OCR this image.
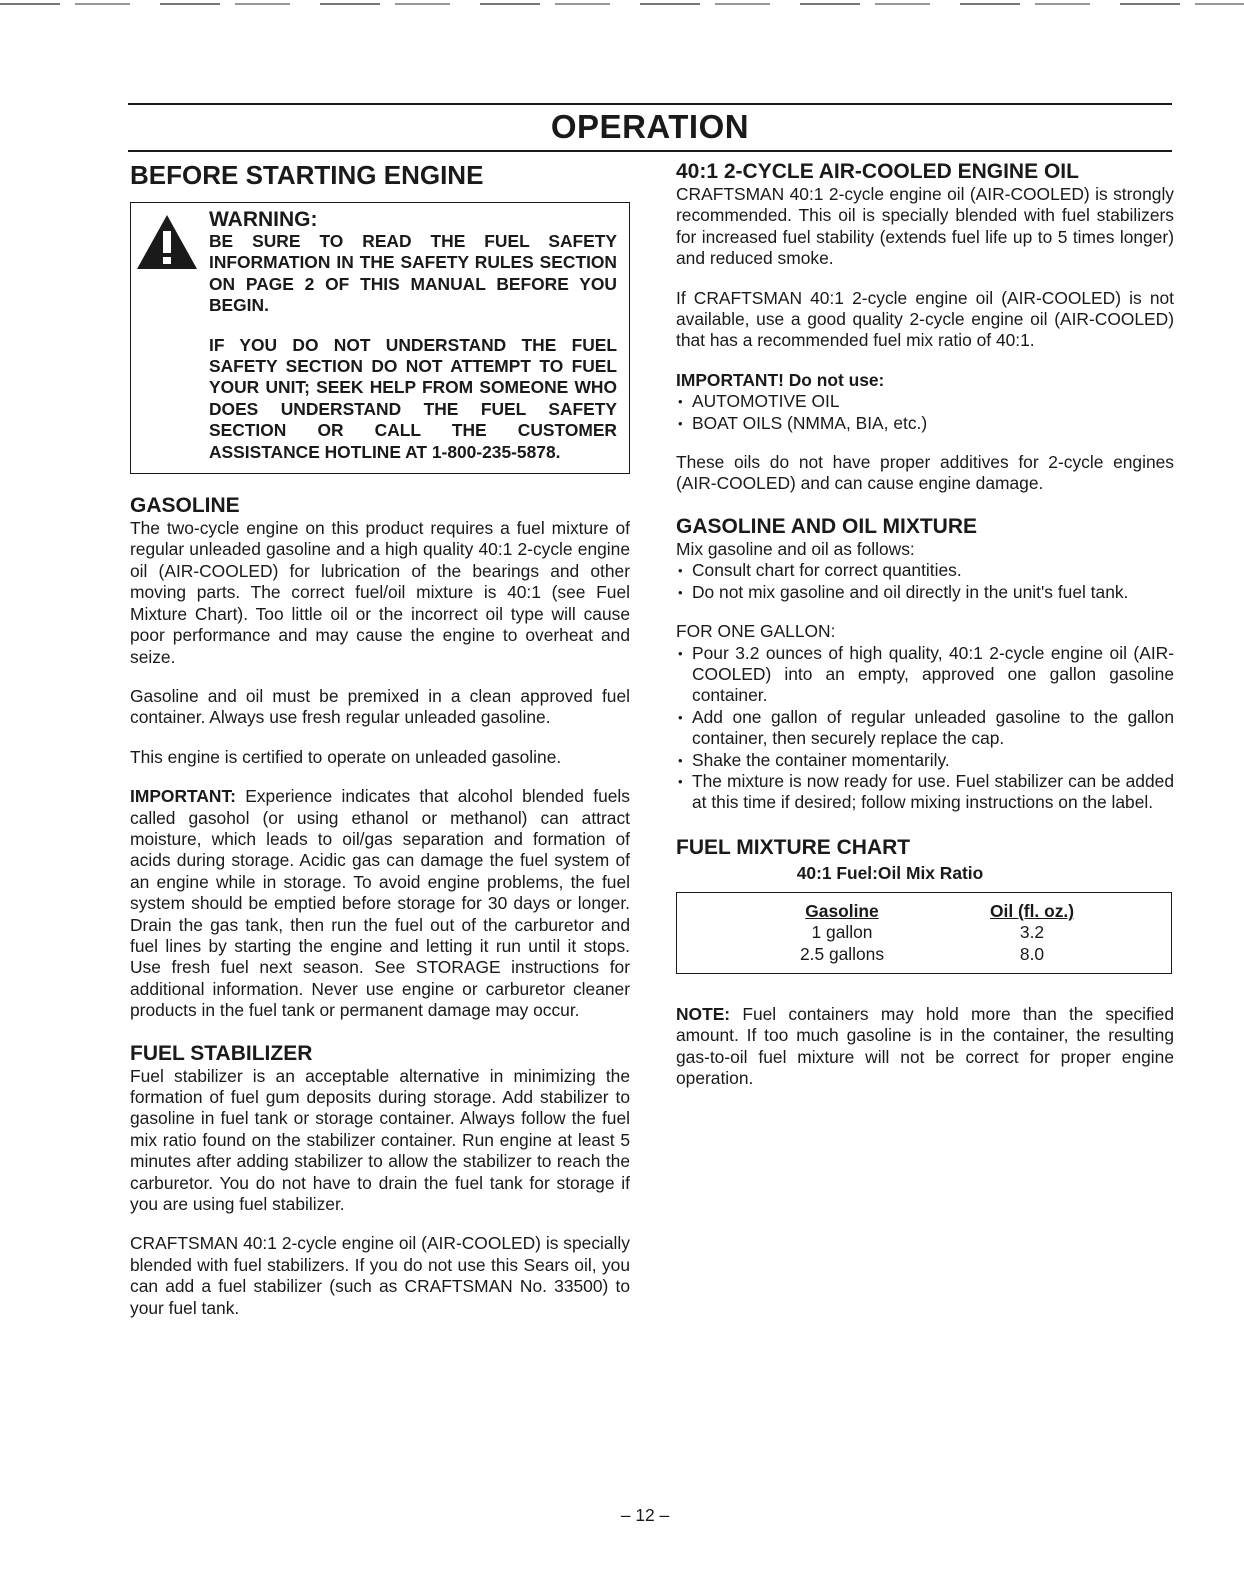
OPERATION
BEFORE STARTING ENGINE
WARNING:

BE SURE TO READ THE FUEL SAFETY INFORMATION IN THE SAFETY RULES SECTION ON PAGE 2 OF THIS MANUAL BEFORE YOU BEGIN.

IF YOU DO NOT UNDERSTAND THE FUEL SAFETY SECTION DO NOT ATTEMPT TO FUEL YOUR UNIT; SEEK HELP FROM SOMEONE WHO DOES UNDERSTAND THE FUEL SAFETY SECTION OR CALL THE CUSTOMER ASSISTANCE HOTLINE AT 1-800-235-5878.

GASOLINE

The two-cycle engine on this product requires a fuel mixture of regular unleaded gasoline and a high quality 40:1 2-cycle engine oil (AIR-COOLED) for lubrication of the bearings and other moving parts. The correct fuel/oil mixture is 40:1 (see Fuel Mixture Chart). Too little oil or the incorrect oil type will cause poor performance and may cause the engine to overheat and seize.

Gasoline and oil must be premixed in a clean approved fuel container. Always use fresh regular unleaded gasoline.

This engine is certified to operate on unleaded gasoline.

IMPORTANT: Experience indicates that alcohol blended fuels called gasohol (or using ethanol or methanol) can attract moisture, which leads to oil/gas separation and formation of acids during storage. Acidic gas can damage the fuel system of an engine while in storage. To avoid engine problems, the fuel system should be emptied before storage for 30 days or longer. Drain the gas tank, then run the fuel out of the carburetor and fuel lines by starting the engine and letting it run until it stops. Use fresh fuel next season. See STORAGE instructions for additional information. Never use engine or carburetor cleaner products in the fuel tank or permanent damage may occur.

FUEL STABILIZER

Fuel stabilizer is an acceptable alternative in minimizing the formation of fuel gum deposits during storage. Add stabilizer to gasoline in fuel tank or storage container. Always follow the fuel mix ratio found on the stabilizer container. Run engine at least 5 minutes after adding stabilizer to allow the stabilizer to reach the carburetor. You do not have to drain the fuel tank for storage if you are using fuel stabilizer.

CRAFTSMAN 40:1 2-cycle engine oil (AIR-COOLED) is specially blended with fuel stabilizers. If you do not use this Sears oil, you can add a fuel stabilizer (such as CRAFTSMAN No. 33500) to your fuel tank.

40:1 2-CYCLE AIR-COOLED ENGINE OIL

CRAFTSMAN 40:1 2-cycle engine oil (AIR-COOLED) is strongly recommended. This oil is specially blended with fuel stabilizers for increased fuel stability (extends fuel life up to 5 times longer) and reduced smoke.

If CRAFTSMAN 40:1 2-cycle engine oil (AIR-COOLED) is not available, use a good quality 2-cycle engine oil (AIR-COOLED) that has a recommended fuel mix ratio of 40:1.

IMPORTANT! Do not use:

• AUTOMOTIVE OIL
• BOAT OILS (NMMA, BIA, etc.)

These oils do not have proper additives for 2-cycle engines (AIR-COOLED) and can cause engine damage.

GASOLINE AND OIL MIXTURE

Mix gasoline and oil as follows:

• Consult chart for correct quantities.
• Do not mix gasoline and oil directly in the unit's fuel tank.

FOR ONE GALLON:

• Pour 3.2 ounces of high quality, 40:1 2-cycle engine oil (AIR-COOLED) into an empty, approved one gallon gasoline container.
• Add one gallon of regular unleaded gasoline to the gallon container, then securely replace the cap.
• Shake the container momentarily.
• The mixture is now ready for use. Fuel stabilizer can be added at this time if desired; follow mixing instructions on the label.
FUEL MIXTURE CHART
40:1 Fuel:Oil Mix Ratio
Gasoline		Oil (fl. oz.)
1 gallon		3.2
2.5 gallons		8.0

NOTE: Fuel containers may hold more than the specified amount. If too much gasoline is in the container, the resulting gas-to-oil fuel mixture will not be correct for proper engine operation.

– 12 –
